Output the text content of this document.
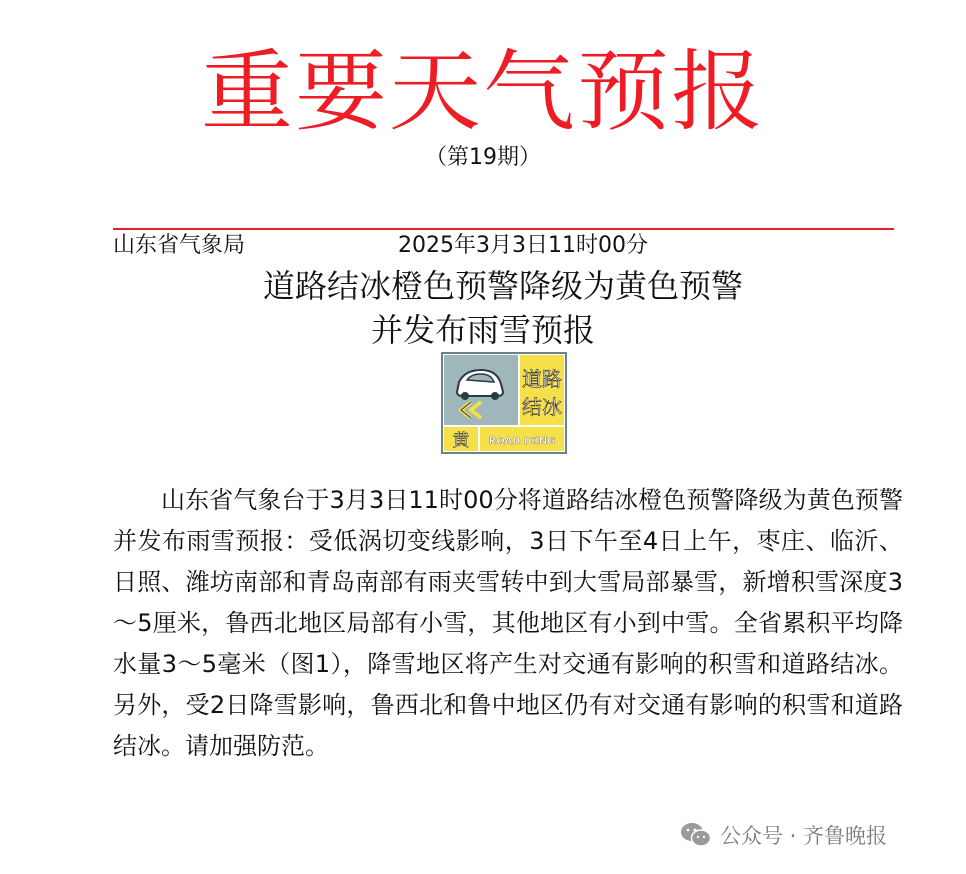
重要天气预报
（第19期）
山东省气象局	2025年3月3日11时00分
道路结冰橙色预警降级为黄色预警
并发布雨雪预报
道路
结冰
黄 ROAD ICING

山东省气象台于3月3日11时00分将道路结冰橙色预警降级为黄色预警并发布雨雪预报：受低涡切变线影响，3日下午至4日上午，枣庄、临沂、日照、潍坊南部和青岛南部有雨夹雪转中到大雪局部暴雪，新增积雪深度3～5厘米，鲁西北地区局部有小雪，其他地区有小到中雪。全省累积平均降水量3～5毫米（图1），降雪地区将产生对交通有影响的积雪和道路结冰。另外，受2日降雪影响，鲁西北和鲁中地区仍有对交通有影响的积雪和道路结冰。请加强防范。

公众号 · 齐鲁晚报
